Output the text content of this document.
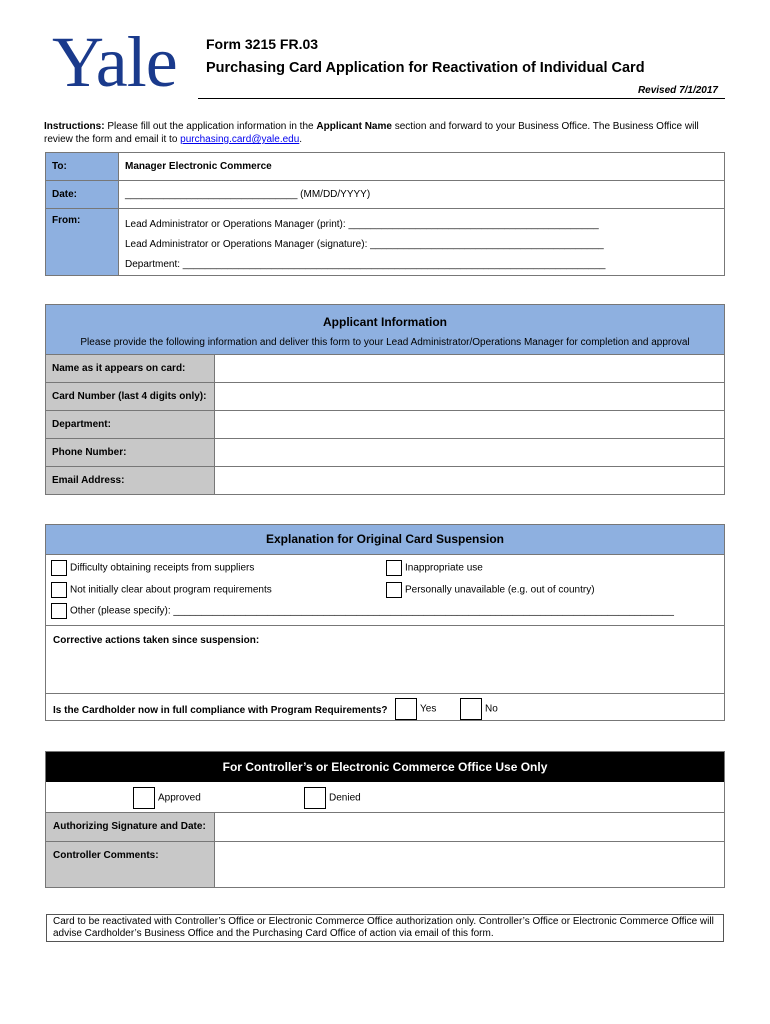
Yale Form 3215 FR.03
Purchasing Card Application for Reactivation of Individual Card
Revised 7/1/2017
Instructions: Please fill out the application information in the Applicant Name section and forward to your Business Office. The Business Office will review the form and email it to purchasing.card@yale.edu.
To:	Manager Electronic Commerce
Date:	_______________________________ (MM/DD/YYYY)
From:	Lead Administrator or Operations Manager (print): _____________________________________________
Lead Administrator or Operations Manager (signature): __________________________________________
Department: ____________________________________________________________________________
Applicant Information
Please provide the following information and deliver this form to your Lead Administrator/Operations Manager for completion and approval	

Name as it appears on card:	
Card Number (last 4 digits only):	
Department:	
Phone Number:	
Email Address:	
Explanation for Original Card Suspension
Difficulty obtaining receipts from suppliers	Inappropriate use
Not initially clear about program requirements	Personally unavailable (e.g. out of country)
Other (please specify): __________________________________________________________________________________________
Corrective actions taken since suspension:
Is the Cardholder now in full compliance with Program Requirements?	Yes	No
For Controller’s or Electronic Commerce Office Use Only
Approved	Denied
Authorizing Signature and Date:
Controller Comments:
Card to be reactivated with Controller’s Office or Electronic Commerce Office authorization only. Controller’s Office or Electronic Commerce Office will advise Cardholder’s Business Office and the Purchasing Card Office of action via email of this form.
